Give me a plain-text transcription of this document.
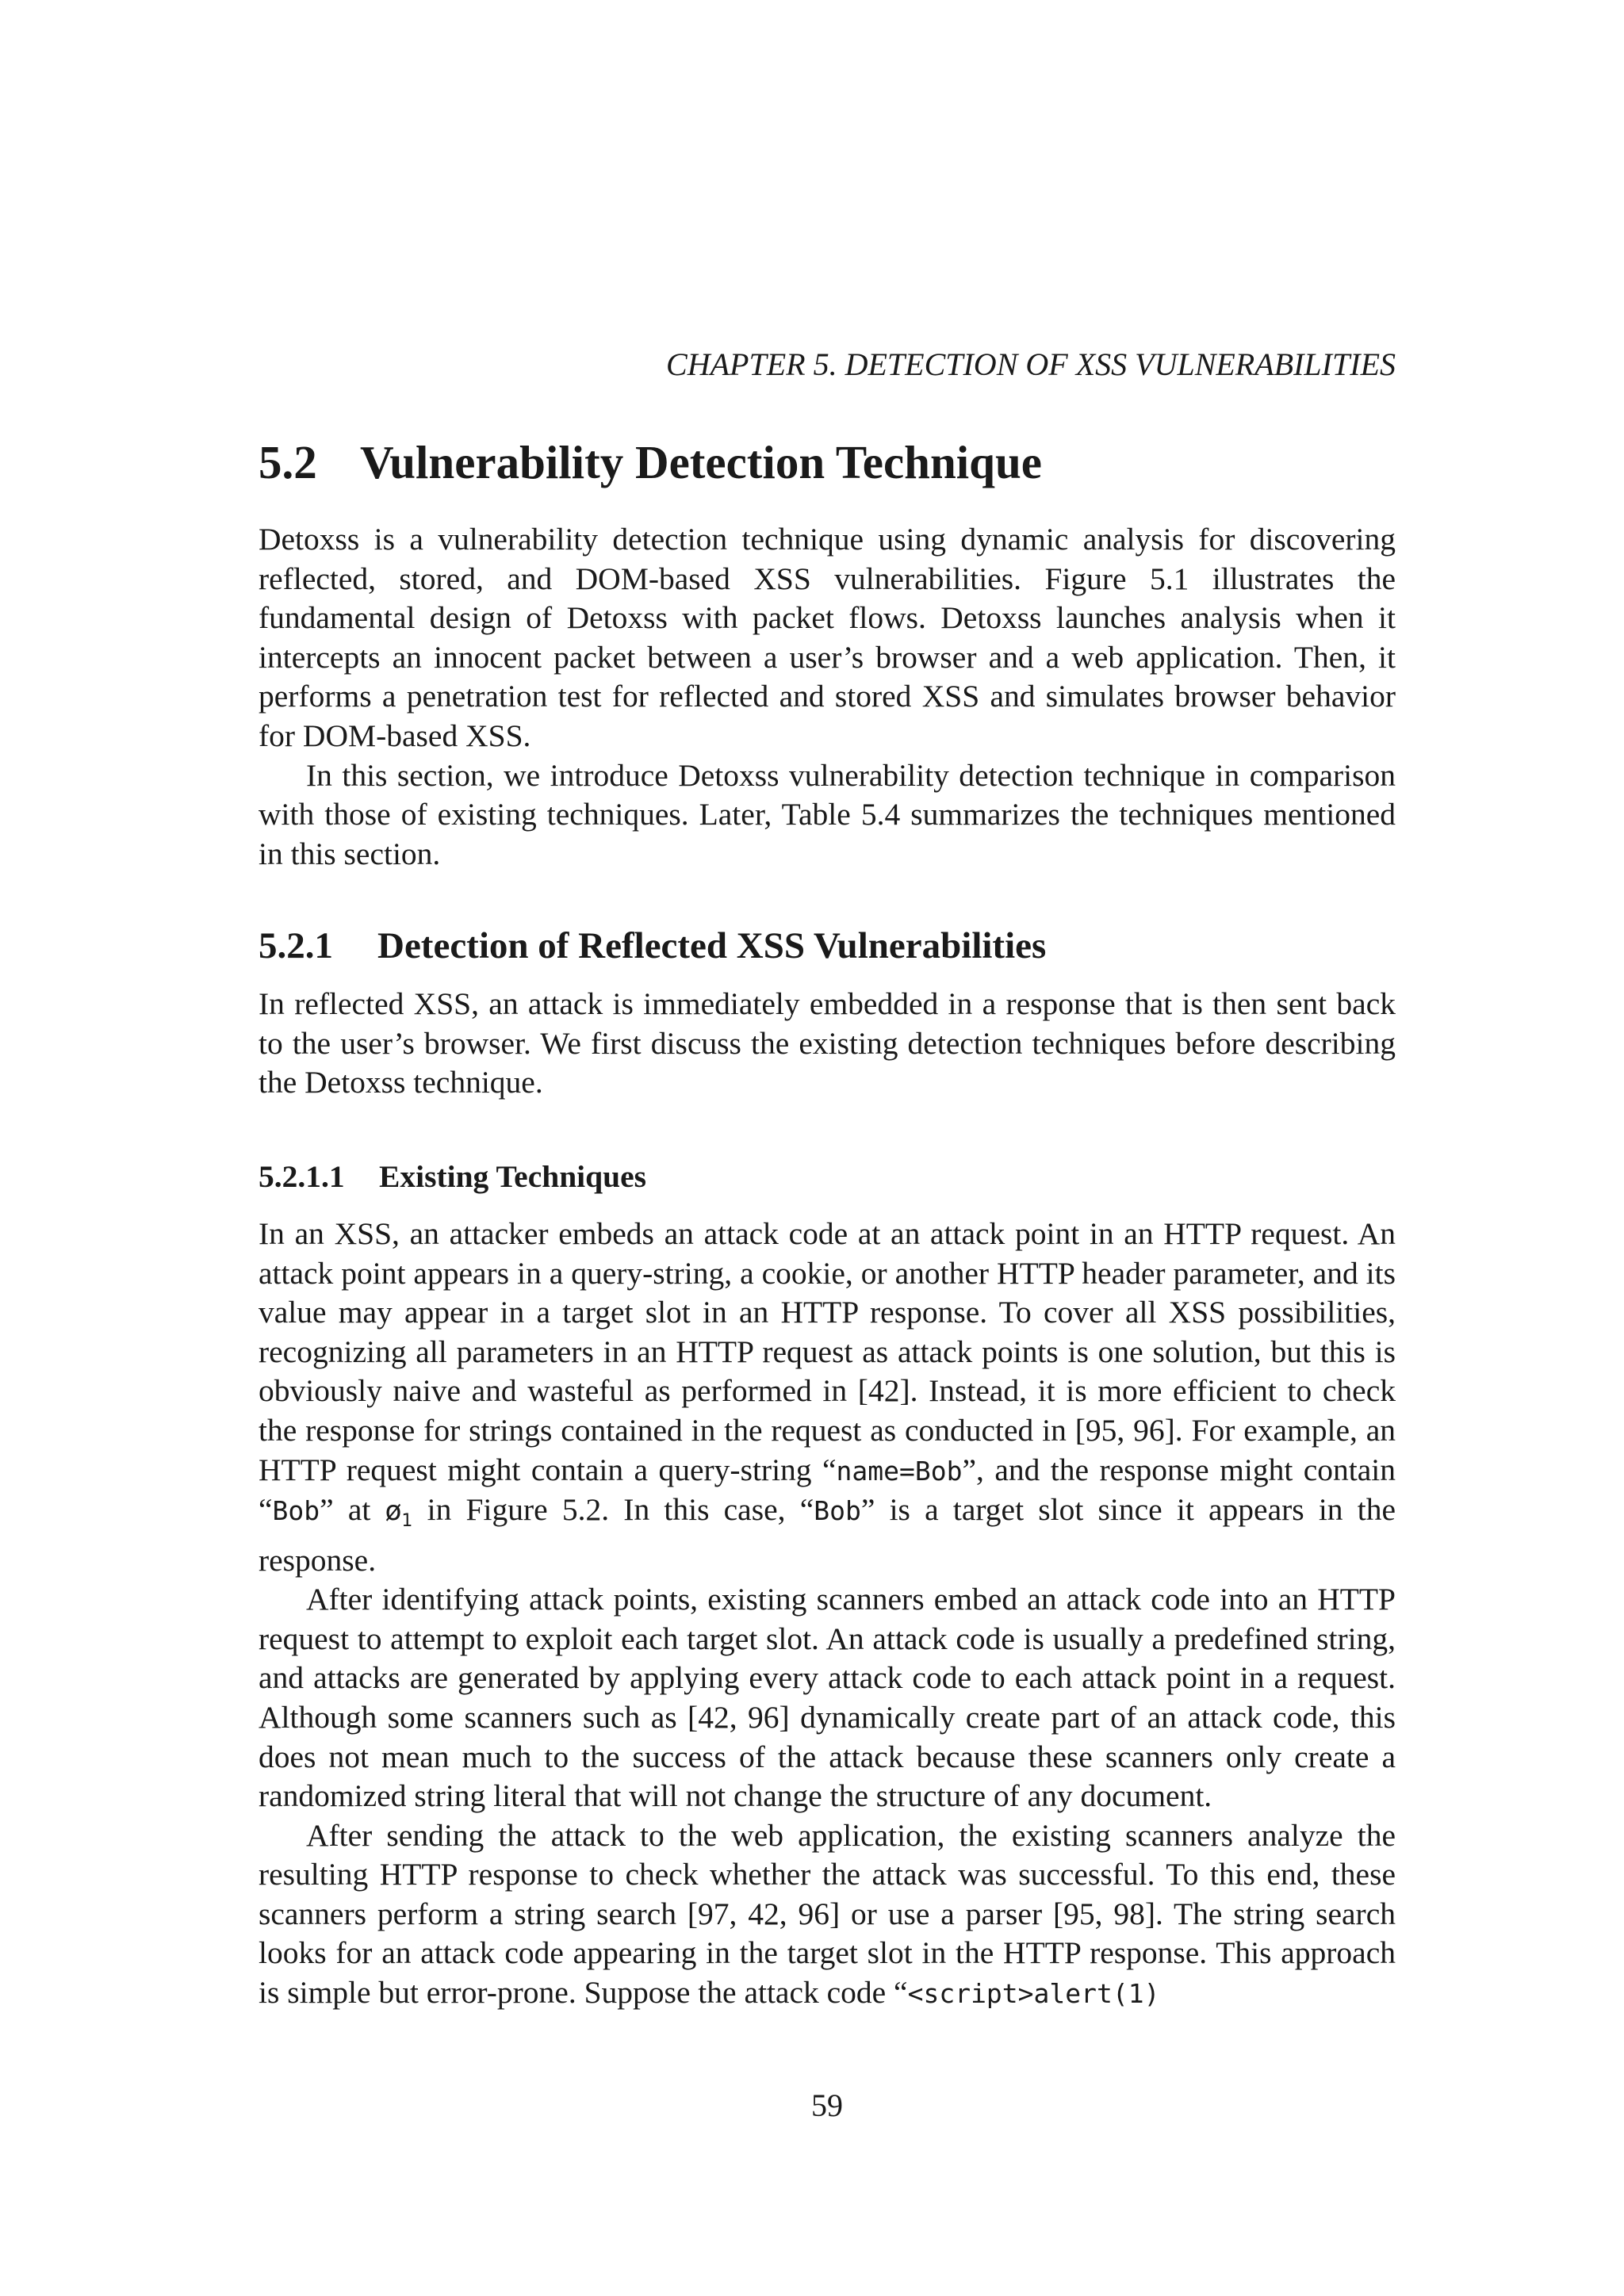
CHAPTER 5. DETECTION OF XSS VULNERABILITIES
5.2 Vulnerability Detection Technique

Detoxss is a vulnerability detection technique using dynamic analysis for discovering reflected, stored, and DOM-based XSS vulnerabilities. Figure 5.1 illustrates the fundamental design of Detoxss with packet flows. Detoxss launches analysis when it intercepts an innocent packet between a user’s browser and a web application. Then, it performs a penetration test for reflected and stored XSS and simulates browser behavior for DOM-based XSS.

In this section, we introduce Detoxss vulnerability detection technique in comparison with those of existing techniques. Later, Table 5.4 summarizes the techniques mentioned in this section.

5.2.1 Detection of Reflected XSS Vulnerabilities

In reflected XSS, an attack is immediately embedded in a response that is then sent back to the user’s browser. We first discuss the existing detection techniques before describing the Detoxss technique.

5.2.1.1 Existing Techniques

In an XSS, an attacker embeds an attack code at an attack point in an HTTP request. An attack point appears in a query-string, a cookie, or another HTTP header parameter, and its value may appear in a target slot in an HTTP response. To cover all XSS possibilities, recognizing all parameters in an HTTP request as attack points is one solution, but this is obviously naive and wasteful as performed in [42]. Instead, it is more efficient to check the response for strings contained in the request as conducted in [95, 96]. For example, an HTTP request might contain a query-string “name=Bob”, and the response might contain “Bob” at $ø_1$ in Figure 5.2. In this case, “Bob” is a target slot since it appears in the response.

After identifying attack points, existing scanners embed an attack code into an HTTP request to attempt to exploit each target slot. An attack code is usually a predefined string, and attacks are generated by applying every attack code to each attack point in a request. Although some scanners such as [42, 96] dynamically create part of an attack code, this does not mean much to the success of the attack because these scanners only create a randomized string literal that will not change the structure of any document.

After sending the attack to the web application, the existing scanners analyze the resulting HTTP response to check whether the attack was successful. To this end, these scanners perform a string search [97, 42, 96] or use a parser [95, 98]. The string search looks for an attack code appearing in the target slot in the HTTP response. This approach is simple but error-prone. Suppose the attack code “<script>alert(1)

59
